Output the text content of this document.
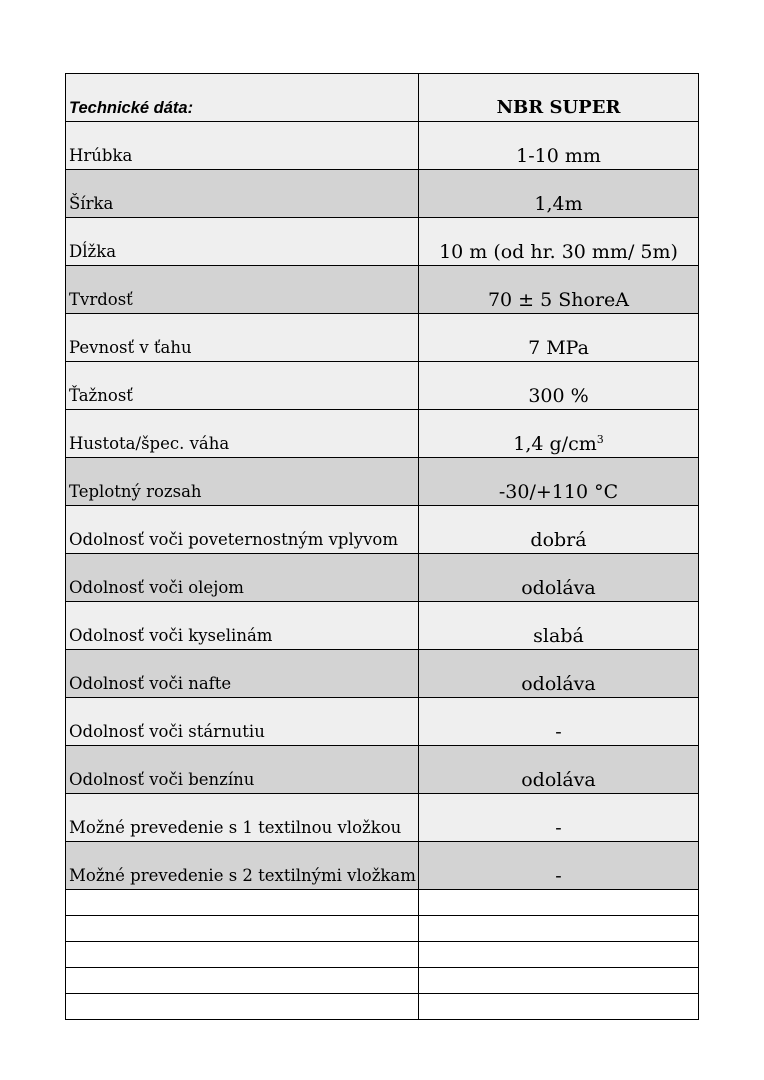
Technické dáta:	NBR SUPER
Hrúbka	1-10 mm
Šírka	1,4m
Dĺžka	10 m (od hr. 30 mm/ 5m)
Tvrdosť	70 ± 5 ShoreA
Pevnosť v ťahu	7 MPa
Ťažnosť	300 %
Hustota/špec. váha	1,4 $g/cm^3$
Teplotný rozsah	-30/+110 °C
Odolnosť voči poveternostným vplyvom	dobrá
Odolnosť voči olejom	odoláva
Odolnosť voči kyselinám	slabá
Odolnosť voči nafte	odoláva
Odolnosť voči stárnutiu	-
Odolnosť voči benzínu	odoláva
Možné prevedenie s 1 textilnou vložkou	-
Možné prevedenie s 2 textilnými vložkam	-
